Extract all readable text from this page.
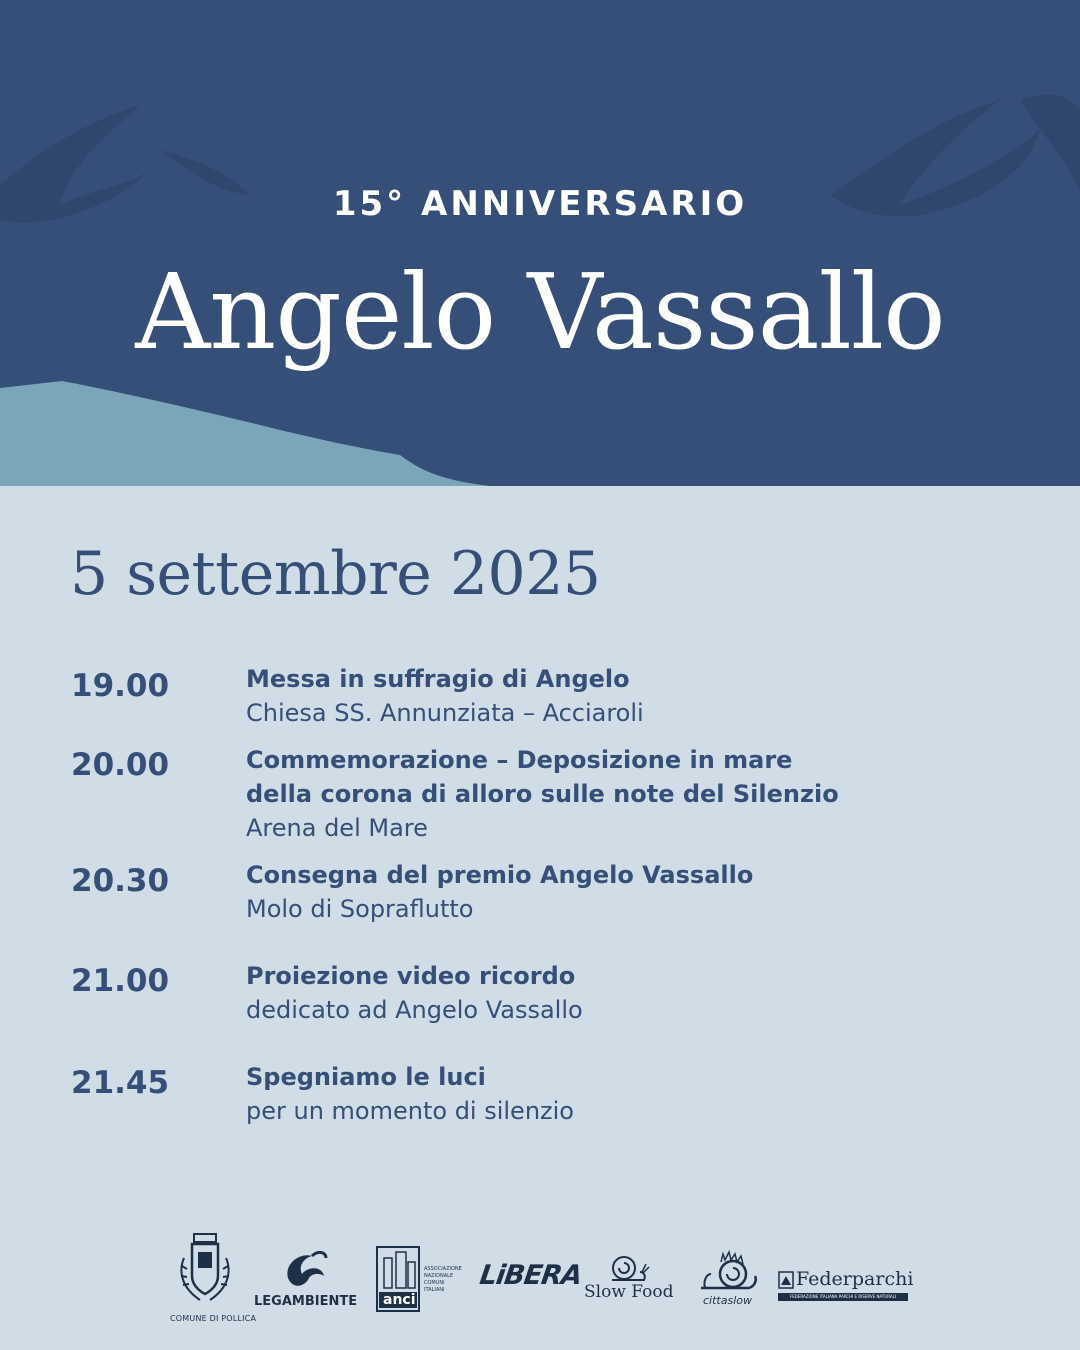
15° ANNIVERSARIO
Angelo Vassallo
5 settembre 2025
19.00	Messa in suffragio di Angelo
Chiesa SS. Annunziata – Acciaroli
20.00	Commemorazione – Deposizione in mare
della corona di alloro sulle note del Silenzio
Arena del Mare
20.30	Consegna del premio Angelo Vassallo
Molo di Sopraflutto
21.00	Proiezione video ricordo
dedicato ad Angelo Vassallo
21.45	Spegniamo le luci
per un momento di silenzio
COMUNE DI POLLICA
LEGAMBIENTE anci
ASSOCIAZIONE
NAZIONALE
COMUNI
ITALIANI	LiBERA
Slow Food	cittaslow
Federparchi
FEDERAZIONE ITALIANA PARCHI E RISERVE NATURALI
